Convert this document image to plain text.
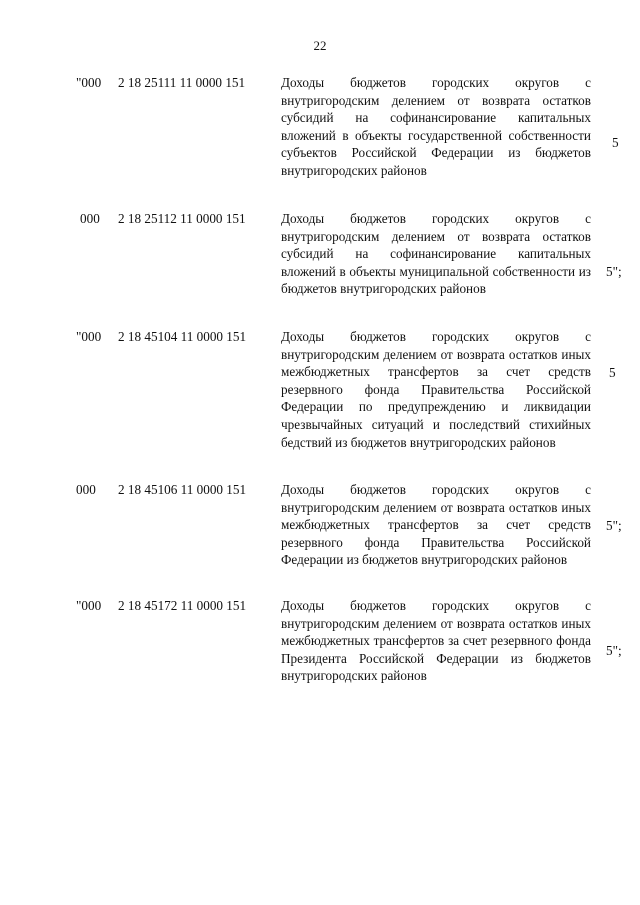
22
"000 2 18 25111 11 0000 151	Доходы бюджетов городских округов с внутригородским делением от возврата остатков субсидий на софинансирование капитальных вложений в объекты государственной собственности субъектов Российской Федерации из бюджетов внутригородских районов
5
000 2 18 25112 11 0000 151	Доходы бюджетов городских округов с внутригородским делением от возврата остатков субсидий на софинансирование капитальных вложений в объекты муниципальной собственности из бюджетов внутригородских районов
5";
"000 2 18 45104 11 0000 151	Доходы бюджетов городских округов с внутригородским делением от возврата остатков иных межбюджетных трансфертов за счет средств резервного фонда Правительства Российской Федерации по предупреждению и ликвидации чрезвычайных ситуаций и последствий стихийных бедствий из бюджетов внутригородских районов
5
000 2 18 45106 11 0000 151	Доходы бюджетов городских округов с внутригородским делением от возврата остатков иных межбюджетных трансфертов за счет средств резервного фонда Правительства Российской Федерации из бюджетов внутригородских районов
5";
"000 2 18 45172 11 0000 151	Доходы бюджетов городских округов с внутригородским делением от возврата остатков иных межбюджетных трансфертов за счет резервного фонда Президента Российской Федерации из бюджетов внутригородских районов
5";
